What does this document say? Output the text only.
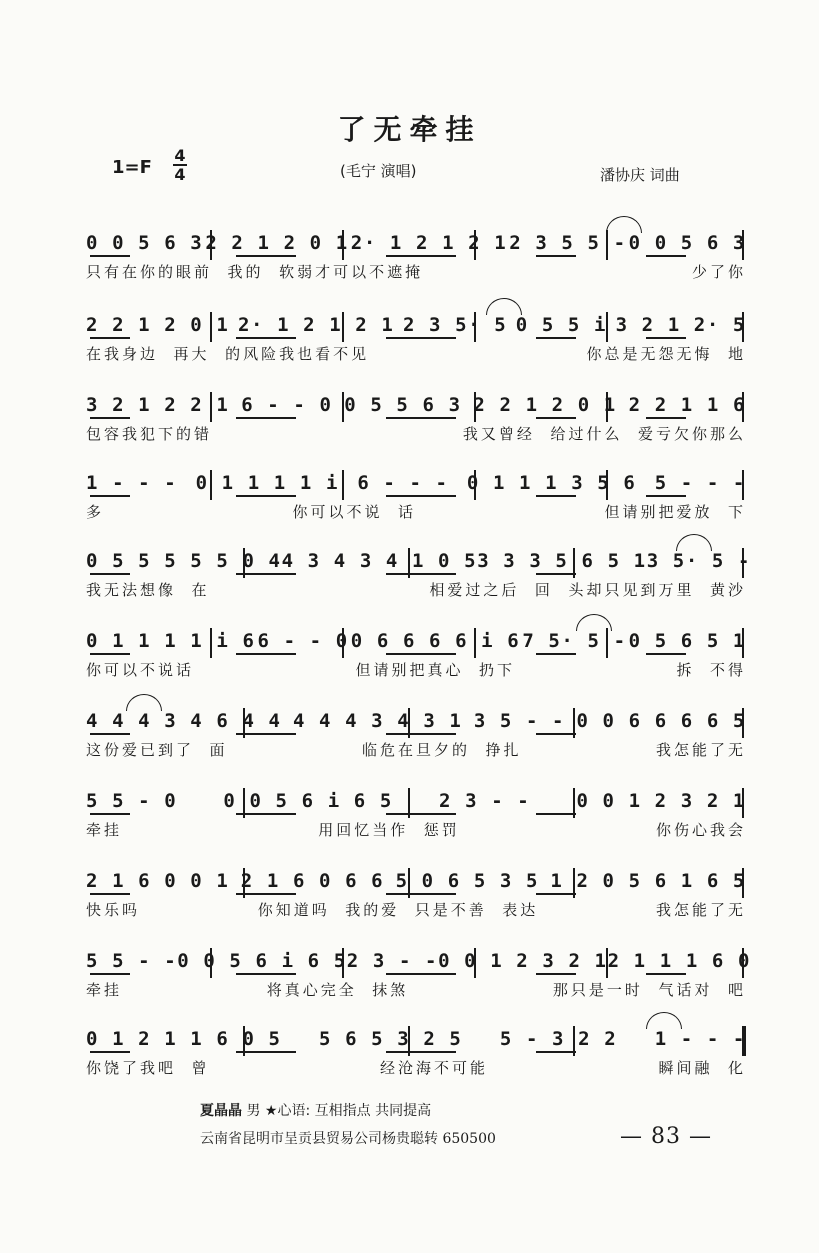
了无牵挂
1=F
4
4	(毛宁 演唱)	潘协庆 词曲
0 0 5 6 3 2 2 1 2 0 1 2· 1 2 1 2 1 2 3 5 5 - 0 0 5 6 3
只有在你的眼前  我的  软弱才可以不遮掩	少了你
2 2 1 2 0 1 2· 1 2 1 2 1 2 3 5· 5 0 5 5 i 3 2 1 2· 5
在我身边  再大  的风险我也看不见	你总是无怨无悔  地
3 2 1 2 2 1 6 - - 0 0 5 5 6 3 2 2 1 2 0 1 2 2 1 1 6
包容我犯下的错	我又曾经  给过什么  爱亏欠你那么
1 - - - 0 1 1 1 1 i 6 - - - 0 1 1 1 3 5 6 5 - - -
多	你可以不说  话	但请别把爱放  下
0 5 5 5 5 5 0 4 4 3 4 3 4 1 0 5 3 3 3 5 6 5 1 3 5· 5 -
我无法想像  在	相爱过之后  回  头却只见到万里  黄沙
0 1 1 1 1 i 6 6 - - 0 0 6 6 6 6 i 6 7 5· 5 - 0 5 6 5 1
你可以不说话	但请别把真心  扔下	拆  不得
4 4 4 3 4 6 4 4 4 4 4 3 4 3 1 3 5 - - 0 0 6 6 6 6 5
这份爱已到了  面	临危在旦夕的  挣扎	我怎能了无
5 5 - 0 0 0 5 6 i 6 5 2 3 - - 0 0 1 2 3 2 1
牵挂	用回忆当作  惩罚	你伤心我会
2 1 6 0 0 1 2 1 6 0 6 6 5 0 6 5 3 5 1 2 0 5 6 1 6 5
快乐吗	你知道吗  我的爱  只是不善  表达	我怎能了无
5 5 - - 0 0 5 6 i 6 5 2 3 - - 0 0 1 2 3 2 1 2 1 1 1 6 0
牵挂	将真心完全  抹煞	那只是一时  气话对  吧
0 1 2 1 1 6 0 5 5 6 5 3 2 5 5 - 3 2 2 1 - - -
你饶了我吧  曾	经沧海不可能	瞬间融  化
夏晶晶 男 ★心语: 互相指点 共同提高
云南省昆明市呈贡县贸易公司杨贵聪转 650500	— 83 —
